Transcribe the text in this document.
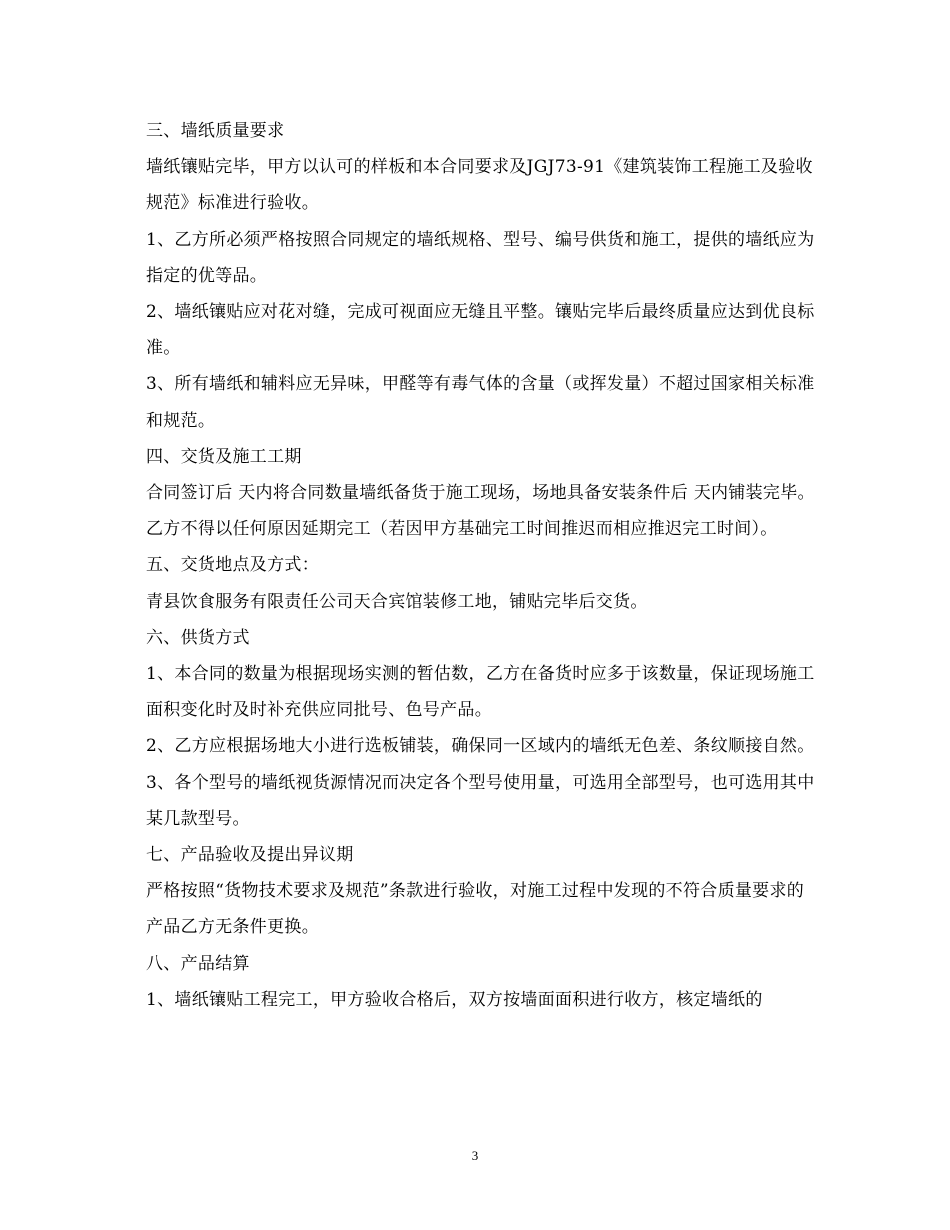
三、墙纸质量要求

墙纸镶贴完毕，甲方以认可的样板和本合同要求及JGJ73-91《建筑装饰工程施工及验收规范》标准进行验收。

1、乙方所必须严格按照合同规定的墙纸规格、型号、编号供货和施工，提供的墙纸应为指定的优等品。

2、墙纸镶贴应对花对缝，完成可视面应无缝且平整。镶贴完毕后最终质量应达到优良标准。

3、所有墙纸和辅料应无异味，甲醛等有毒气体的含量（或挥发量）不超过国家相关标准和规范。

四、交货及施工工期

合同签订后 天内将合同数量墙纸备货于施工现场，场地具备安装条件后 天内铺装完毕。乙方不得以任何原因延期完工（若因甲方基础完工时间推迟而相应推迟完工时间）。

五、交货地点及方式：

青县饮食服务有限责任公司天合宾馆装修工地，铺贴完毕后交货。

六、供货方式

1、本合同的数量为根据现场实测的暂估数，乙方在备货时应多于该数量，保证现场施工面积变化时及时补充供应同批号、色号产品。

2、乙方应根据场地大小进行选板铺装，确保同一区域内的墙纸无色差、条纹顺接自然。

3、各个型号的墙纸视货源情况而决定各个型号使用量，可选用全部型号，也可选用其中某几款型号。

七、产品验收及提出异议期

严格按照“货物技术要求及规范”条款进行验收，对施工过程中发现的不符合质量要求的产品乙方无条件更换。

八、产品结算

1、墙纸镶贴工程完工，甲方验收合格后，双方按墙面面积进行收方，核定墙纸的

3
